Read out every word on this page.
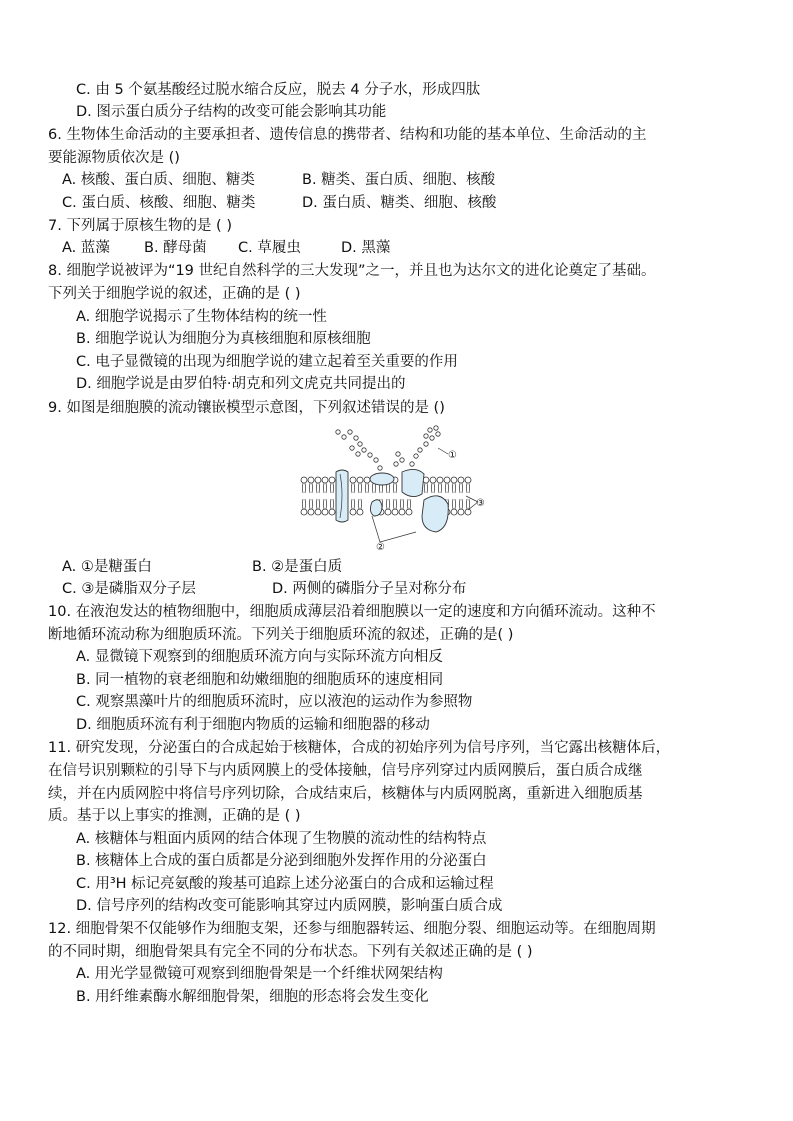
C. 由 5 个氨基酸经过脱水缩合反应，脱去 4 分子水，形成四肽
D. 图示蛋白质分子结构的改变可能会影响其功能
6. 生物体生命活动的主要承担者、遗传信息的携带者、结构和功能的基本单位、生命活动的主
要能源物质依次是 ()
A. 核酸、蛋白质、细胞、糖类	B. 糖类、蛋白质、细胞、核酸
C. 蛋白质、核酸、细胞、糖类	D. 蛋白质、糖类、细胞、核酸
7. 下列属于原核生物的是 ( )
A. 蓝藻 B. 酵母菌 C. 草履虫	D. 黑藻
8. 细胞学说被评为“19 世纪自然科学的三大发现”之一，并且也为达尔文的进化论奠定了基础。
下列关于细胞学说的叙述，正确的是 ( )
A. 细胞学说揭示了生物体结构的统一性
B. 细胞学说认为细胞分为真核细胞和原核细胞
C. 电子显微镜的出现为细胞学说的建立起着至关重要的作用
D. 细胞学说是由罗伯特·胡克和列文虎克共同提出的
9. 如图是细胞膜的流动镶嵌模型示意图，下列叙述错误的是 ()
①
③
②
A. ①是糖蛋白	B. ②是蛋白质
C. ③是磷脂双分子层	D. 两侧的磷脂分子呈对称分布
10. 在液泡发达的植物细胞中，细胞质成薄层沿着细胞膜以一定的速度和方向循环流动。这种不
断地循环流动称为细胞质环流。下列关于细胞质环流的叙述，正确的是( )
A. 显微镜下观察到的细胞质环流方向与实际环流方向相反
B. 同一植物的衰老细胞和幼嫩细胞的细胞质环的速度相同
C. 观察黑藻叶片的细胞质环流时，应以液泡的运动作为参照物
D. 细胞质环流有利于细胞内物质的运输和细胞器的移动
11. 研究发现，分泌蛋白的合成起始于核糖体，合成的初始序列为信号序列，当它露出核糖体后，
在信号识别颗粒的引导下与内质网膜上的受体接触，信号序列穿过内质网膜后，蛋白质合成继
续，并在内质网腔中将信号序列切除，合成结束后，核糖体与内质网脱离，重新进入细胞质基
质。基于以上事实的推测，正确的是 ( )
A. 核糖体与粗面内质网的结合体现了生物膜的流动性的结构特点
B. 核糖体上合成的蛋白质都是分泌到细胞外发挥作用的分泌蛋白
C. 用³H 标记亮氨酸的羧基可追踪上述分泌蛋白的合成和运输过程
D. 信号序列的结构改变可能影响其穿过内质网膜，影响蛋白质合成
12. 细胞骨架不仅能够作为细胞支架，还参与细胞器转运、细胞分裂、细胞运动等。在细胞周期
的不同时期，细胞骨架具有完全不同的分布状态。下列有关叙述正确的是 ( )
A. 用光学显微镜可观察到细胞骨架是一个纤维状网架结构
B. 用纤维素酶水解细胞骨架，细胞的形态将会发生变化
